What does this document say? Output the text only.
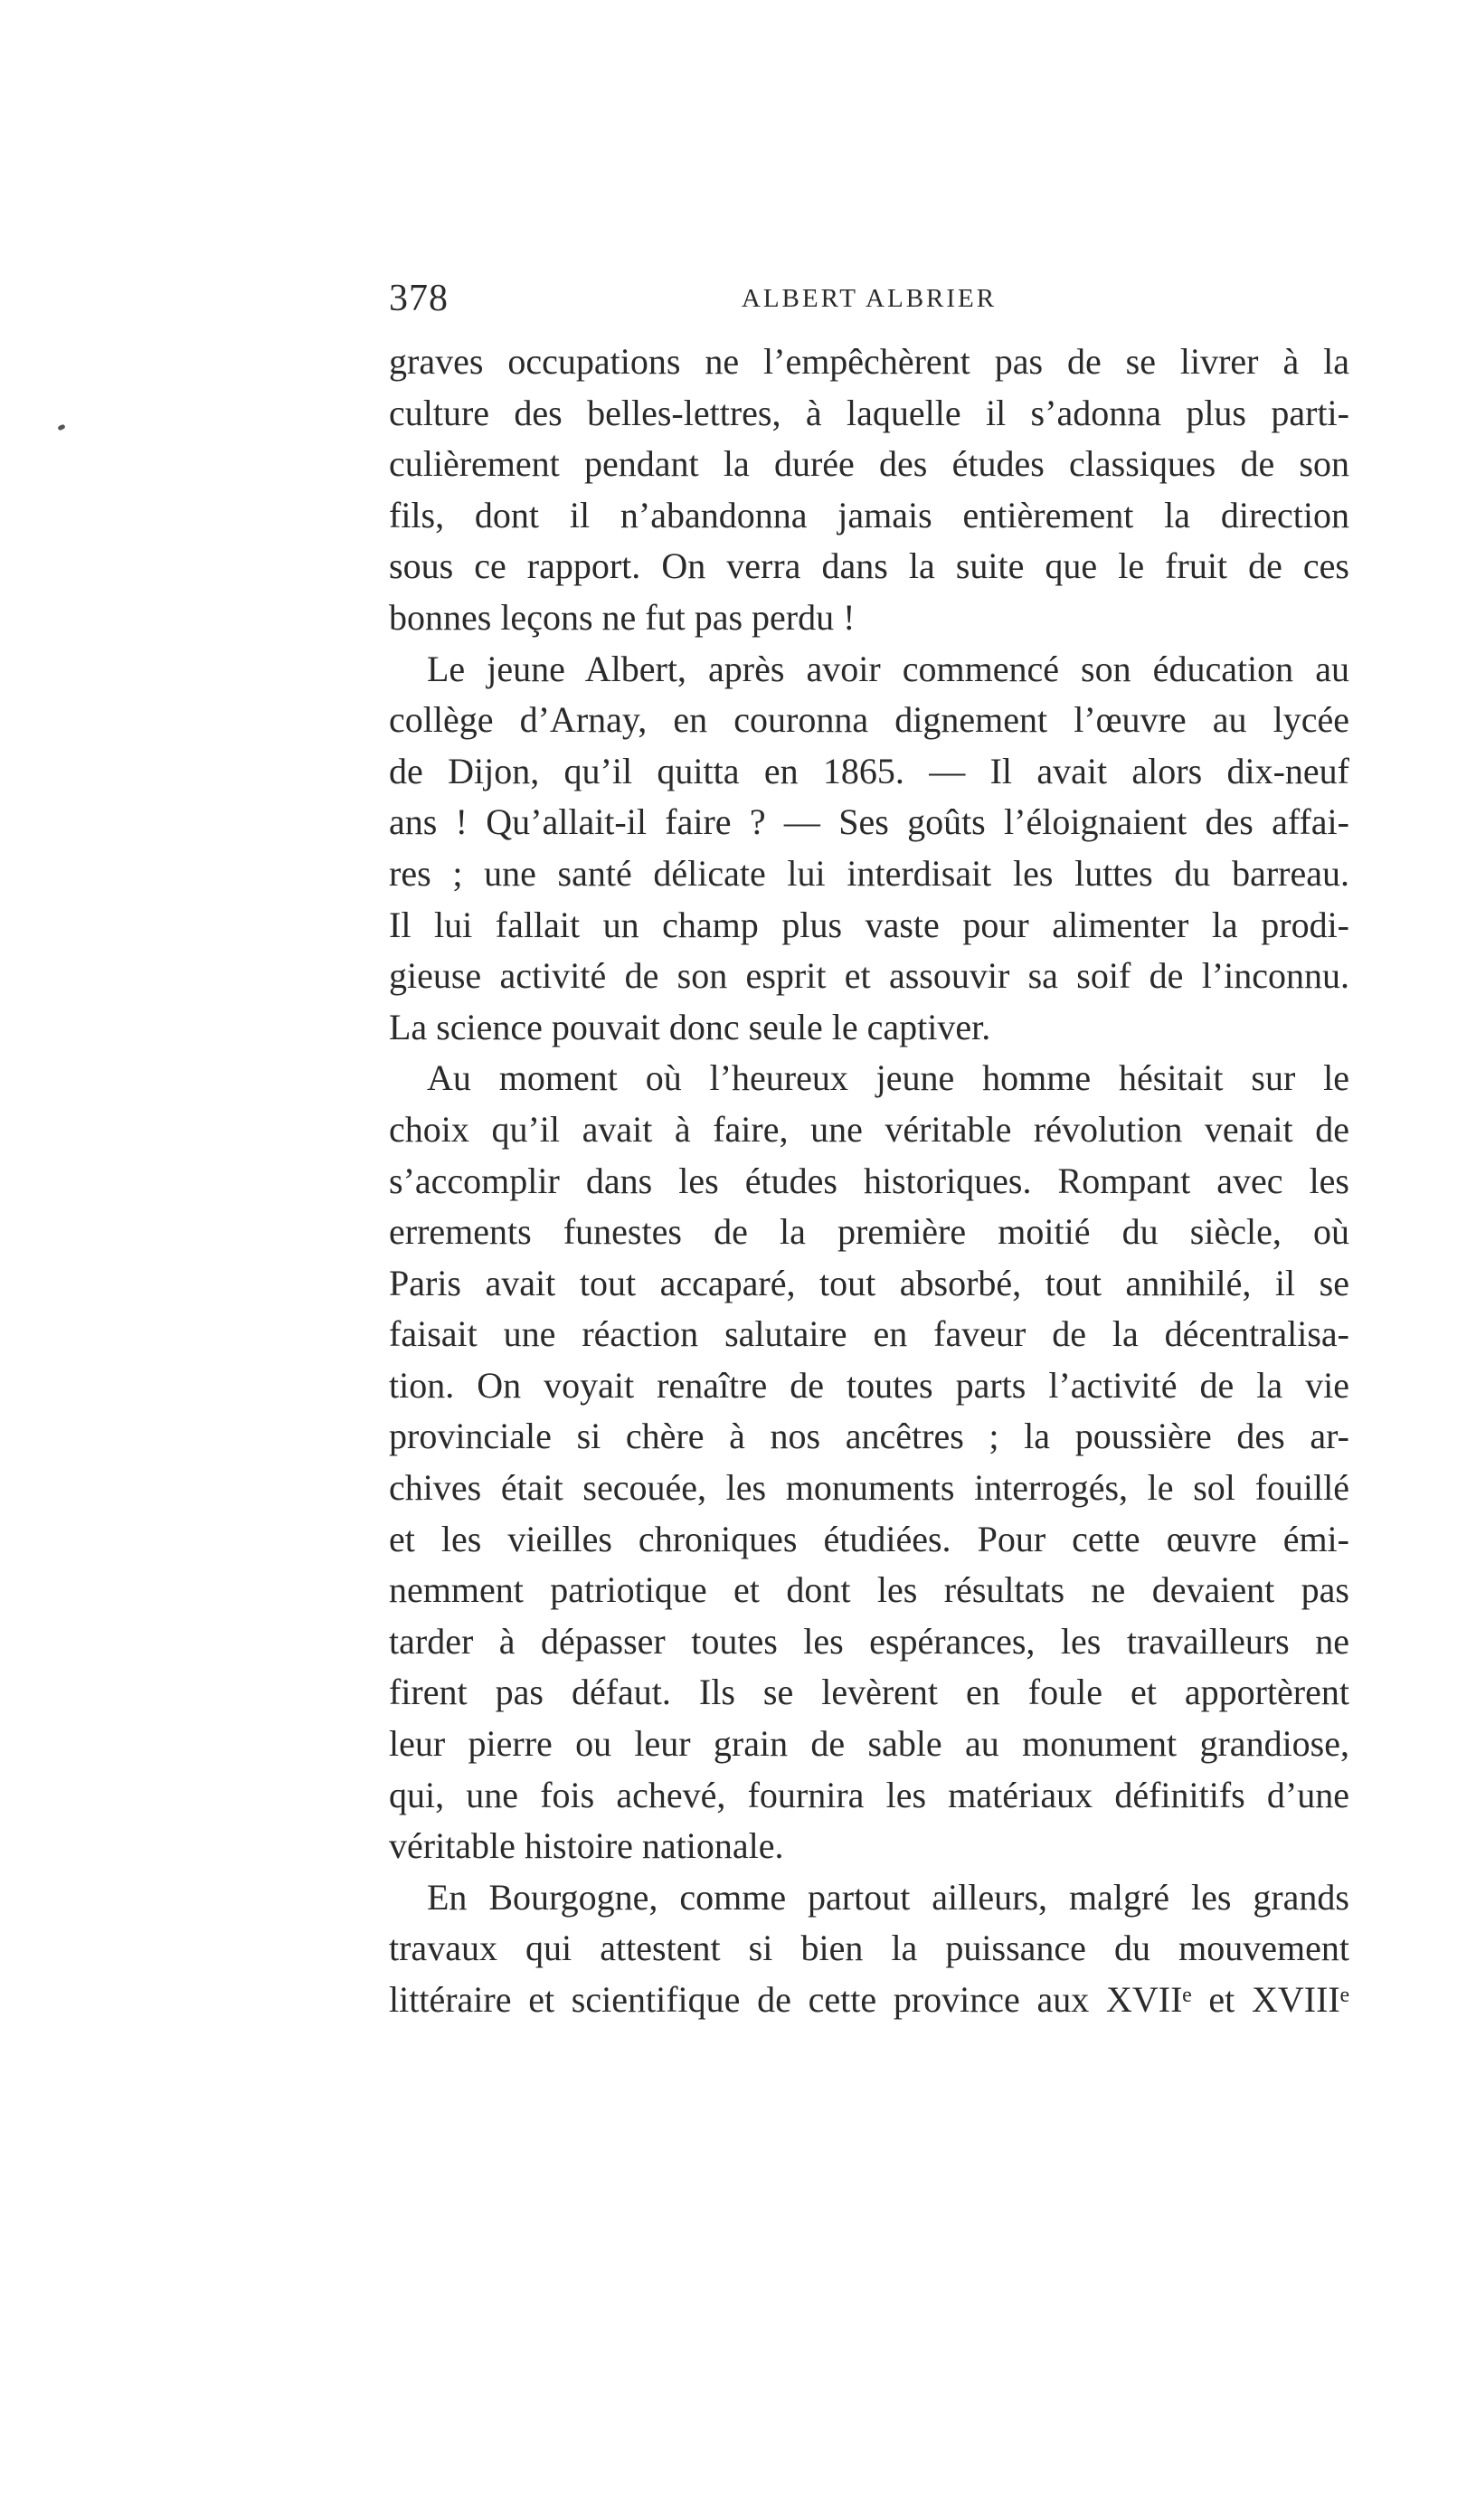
378	ALBERT ALBRIER
graves occupations ne l’empêchèrent pas de se livrer à la
culture des belles-lettres, à laquelle il s’adonna plus parti-
culièrement pendant la durée des études classiques de son
fils, dont il n’abandonna jamais entièrement la direction
sous ce rapport. On verra dans la suite que le fruit de ces
bonnes leçons ne fut pas perdu !
Le jeune Albert, après avoir commencé son éducation au
collège d’Arnay, en couronna dignement l’œuvre au lycée
de Dijon, qu’il quitta en 1865. — Il avait alors dix-neuf
ans ! Qu’allait-il faire ? — Ses goûts l’éloignaient des affai-
res ; une santé délicate lui interdisait les luttes du barreau.
Il lui fallait un champ plus vaste pour alimenter la prodi-
gieuse activité de son esprit et assouvir sa soif de l’inconnu.
La science pouvait donc seule le captiver.
Au moment où l’heureux jeune homme hésitait sur le
choix qu’il avait à faire, une véritable révolution venait de
s’accomplir dans les études historiques. Rompant avec les
errements funestes de la première moitié du siècle, où
Paris avait tout accaparé, tout absorbé, tout annihilé, il se
faisait une réaction salutaire en faveur de la décentralisa-
tion. On voyait renaître de toutes parts l’activité de la vie
provinciale si chère à nos ancêtres ; la poussière des ar-
chives était secouée, les monuments interrogés, le sol fouillé
et les vieilles chroniques étudiées. Pour cette œuvre émi-
nemment patriotique et dont les résultats ne devaient pas
tarder à dépasser toutes les espérances, les travailleurs ne
firent pas défaut. Ils se levèrent en foule et apportèrent
leur pierre ou leur grain de sable au monument grandiose,
qui, une fois achevé, fournira les matériaux définitifs d’une
véritable histoire nationale.
En Bourgogne, comme partout ailleurs, malgré les grands
travaux qui attestent si bien la puissance du mouvement
littéraire et scientifique de cette province aux XVIIᵉ et XVIIIᵉ
